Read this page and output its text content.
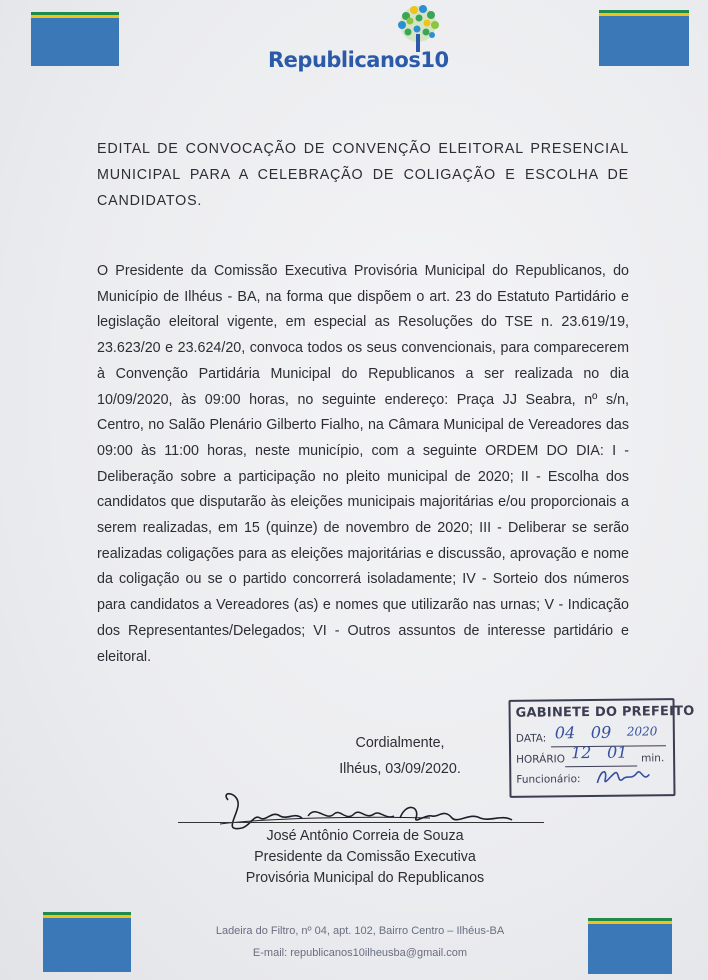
Republicanos10
EDITAL DE CONVOCAÇÃO DE CONVENÇÃO ELEITORAL PRESENCIAL MUNICIPAL PARA A CELEBRAÇÃO DE COLIGAÇÃO E ESCOLHA DE CANDIDATOS.
O Presidente da Comissão Executiva Provisória Municipal do Republicanos, do Município de Ilhéus - BA, na forma que dispõem o art. 23 do Estatuto Partidário e legislação eleitoral vigente, em especial as Resoluções do TSE n. 23.619/19, 23.623/20 e 23.624/20, convoca todos os seus convencionais, para comparecerem à Convenção Partidária Municipal do Republicanos a ser realizada no dia 10/09/2020, às 09:00 horas, no seguinte endereço: Praça JJ Seabra, nº s/n, Centro, no Salão Plenário Gilberto Fialho, na Câmara Municipal de Vereadores das 09:00 às 11:00 horas, neste município, com a seguinte ORDEM DO DIA: I - Deliberação sobre a participação no pleito municipal de 2020; II - Escolha dos candidatos que disputarão às eleições municipais majoritárias e/ou proporcionais a serem realizadas, em 15 (quinze) de novembro de 2020; III - Deliberar se serão realizadas coligações para as eleições majoritárias e discussão, aprovação e nome da coligação ou se o partido concorrerá isoladamente; IV - Sorteio dos números para candidatos a Vereadores (as) e nomes que utilizarão nas urnas; V - Indicação dos Representantes/Delegados; VI - Outros assuntos de interesse partidário e eleitoral.
Cordialmente,
Ilhéus, 03/09/2020.
GABINETE DO PREFEITO
DATA: 04 09 2020
HORÁRIO 12 01 min.
Funcionário:
José Antônio Correia de Souza
Presidente da Comissão Executiva
Provisória Municipal do Republicanos
Ladeira do Filtro, nº 04, apt. 102, Bairro Centro – Ilhéus-BA
E-mail: republicanos10ilheusba@gmail.com
